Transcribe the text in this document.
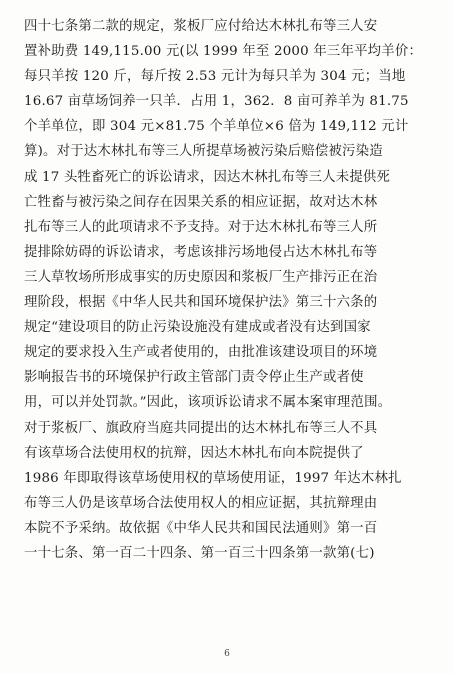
四十七条第二款的规定，浆板厂应付给达木林扎布等三人安
置补助费 149,115.00 元(以 1999 年至 2000 年三年平均羊价：
每只羊按 120 斤，每斤按 2.53 元计为每只羊为 304 元；当地
16.67 亩草场饲养一只羊．占用 1，362．8 亩可养羊为 81.75
个羊单位，即 304 元×81.75 个羊单位×6 倍为 149,112 元计
算)。对于达木林扎布等三人所提草场被污染后赔偿被污染造
成 17 头牲畜死亡的诉讼请求，因达木林扎布等三人未提供死
亡牲畜与被污染之间存在因果关系的相应证据，故对达木林
扎布等三人的此项请求不予支持。对于达木林扎布等三人所
提排除妨碍的诉讼请求，考虑该排污场地侵占达木林扎布等
三人草牧场所形成事实的历史原因和浆板厂生产排污正在治
理阶段，根据《中华人民共和国环境保护法》第三十六条的
规定“建设项目的防止污染设施没有建成或者没有达到国家
规定的要求投入生产或者使用的，由批准该建设项目的环境
影响报告书的环境保护行政主管部门责令停止生产或者使
用，可以并处罚款。”因此，该项诉讼请求不属本案审理范围。
对于浆板厂、旗政府当庭共同提出的达木林扎布等三人不具
有该草场合法使用权的抗辩，因达木林扎布向本院提供了
1986 年即取得该草场使用权的草场使用证，1997 年达木林扎
布等三人仍是该草场合法使用权人的相应证据，其抗辩理由
本院不予采纳。故依据《中华人民共和国民法通则》第一百
一十七条、第一百二十四条、第一百三十四条第一款第(七)
6
